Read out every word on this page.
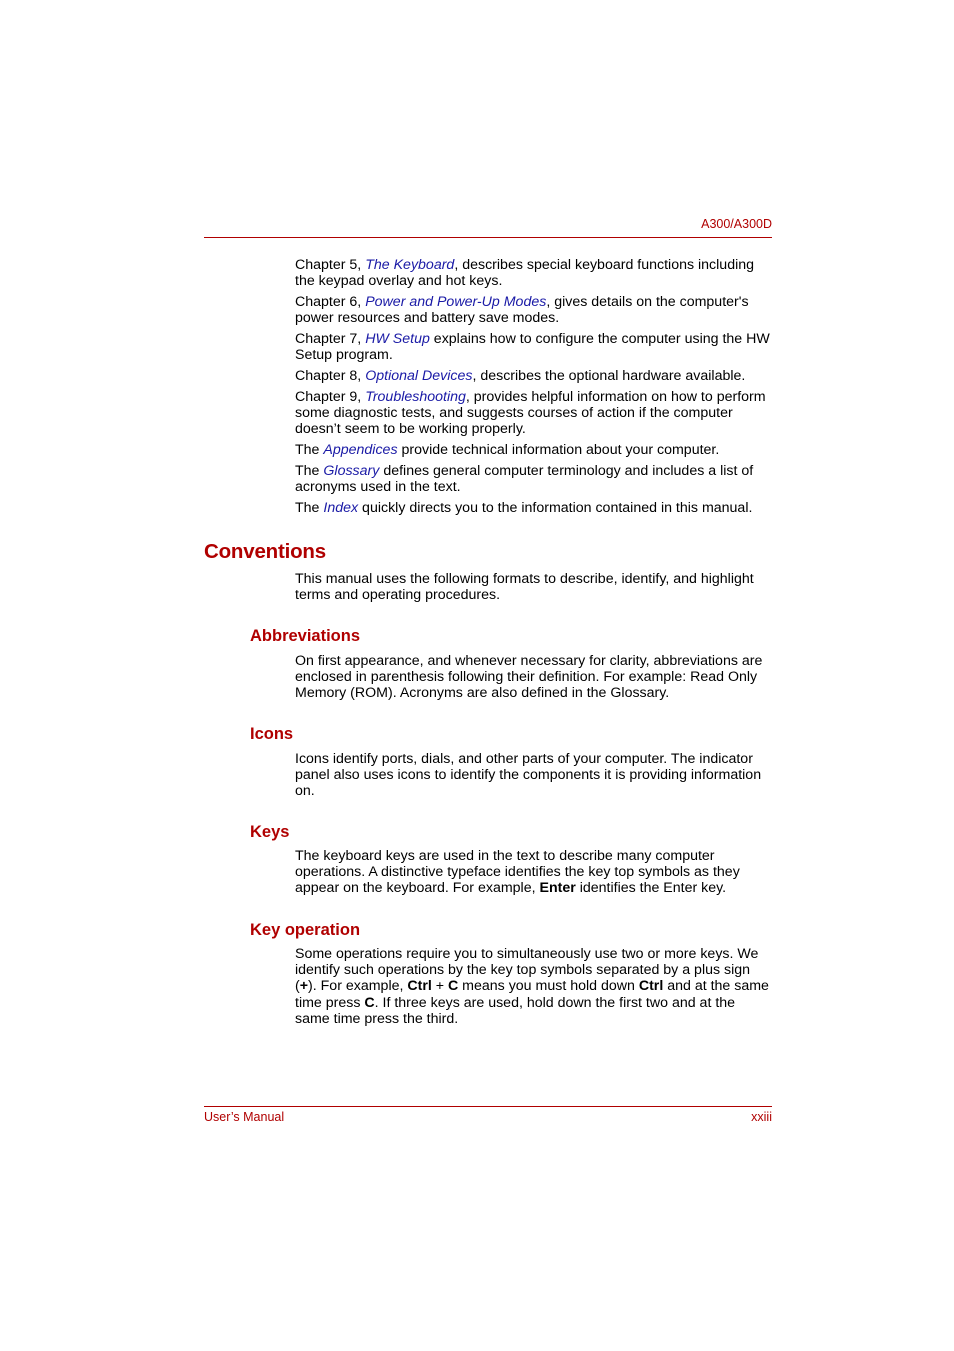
A300/A300D

Chapter 5, The Keyboard, describes special keyboard functions including the keypad overlay and hot keys.

Chapter 6, Power and Power-Up Modes, gives details on the computer's power resources and battery save modes.

Chapter 7, HW Setup explains how to configure the computer using the HW Setup program.

Chapter 8, Optional Devices, describes the optional hardware available.

Chapter 9, Troubleshooting, provides helpful information on how to perform some diagnostic tests, and suggests courses of action if the computer doesn’t seem to be working properly.

The Appendices provide technical information about your computer.

The Glossary defines general computer terminology and includes a list of acronyms used in the text.

The Index quickly directs you to the information contained in this manual.

Conventions

This manual uses the following formats to describe, identify, and highlight terms and operating procedures.

Abbreviations

On first appearance, and whenever necessary for clarity, abbreviations are enclosed in parenthesis following their definition. For example: Read Only Memory (ROM). Acronyms are also defined in the Glossary.

Icons

Icons identify ports, dials, and other parts of your computer. The indicator panel also uses icons to identify the components it is providing information on.

Keys

The keyboard keys are used in the text to describe many computer operations. A distinctive typeface identifies the key top symbols as they appear on the keyboard. For example, Enter identifies the Enter key.

Key operation

Some operations require you to simultaneously use two or more keys. We identify such operations by the key top symbols separated by a plus sign (+). For example, Ctrl + C means you must hold down Ctrl and at the same time press C. If three keys are used, hold down the first two and at the same time press the third.

User’s Manual	xxiii
